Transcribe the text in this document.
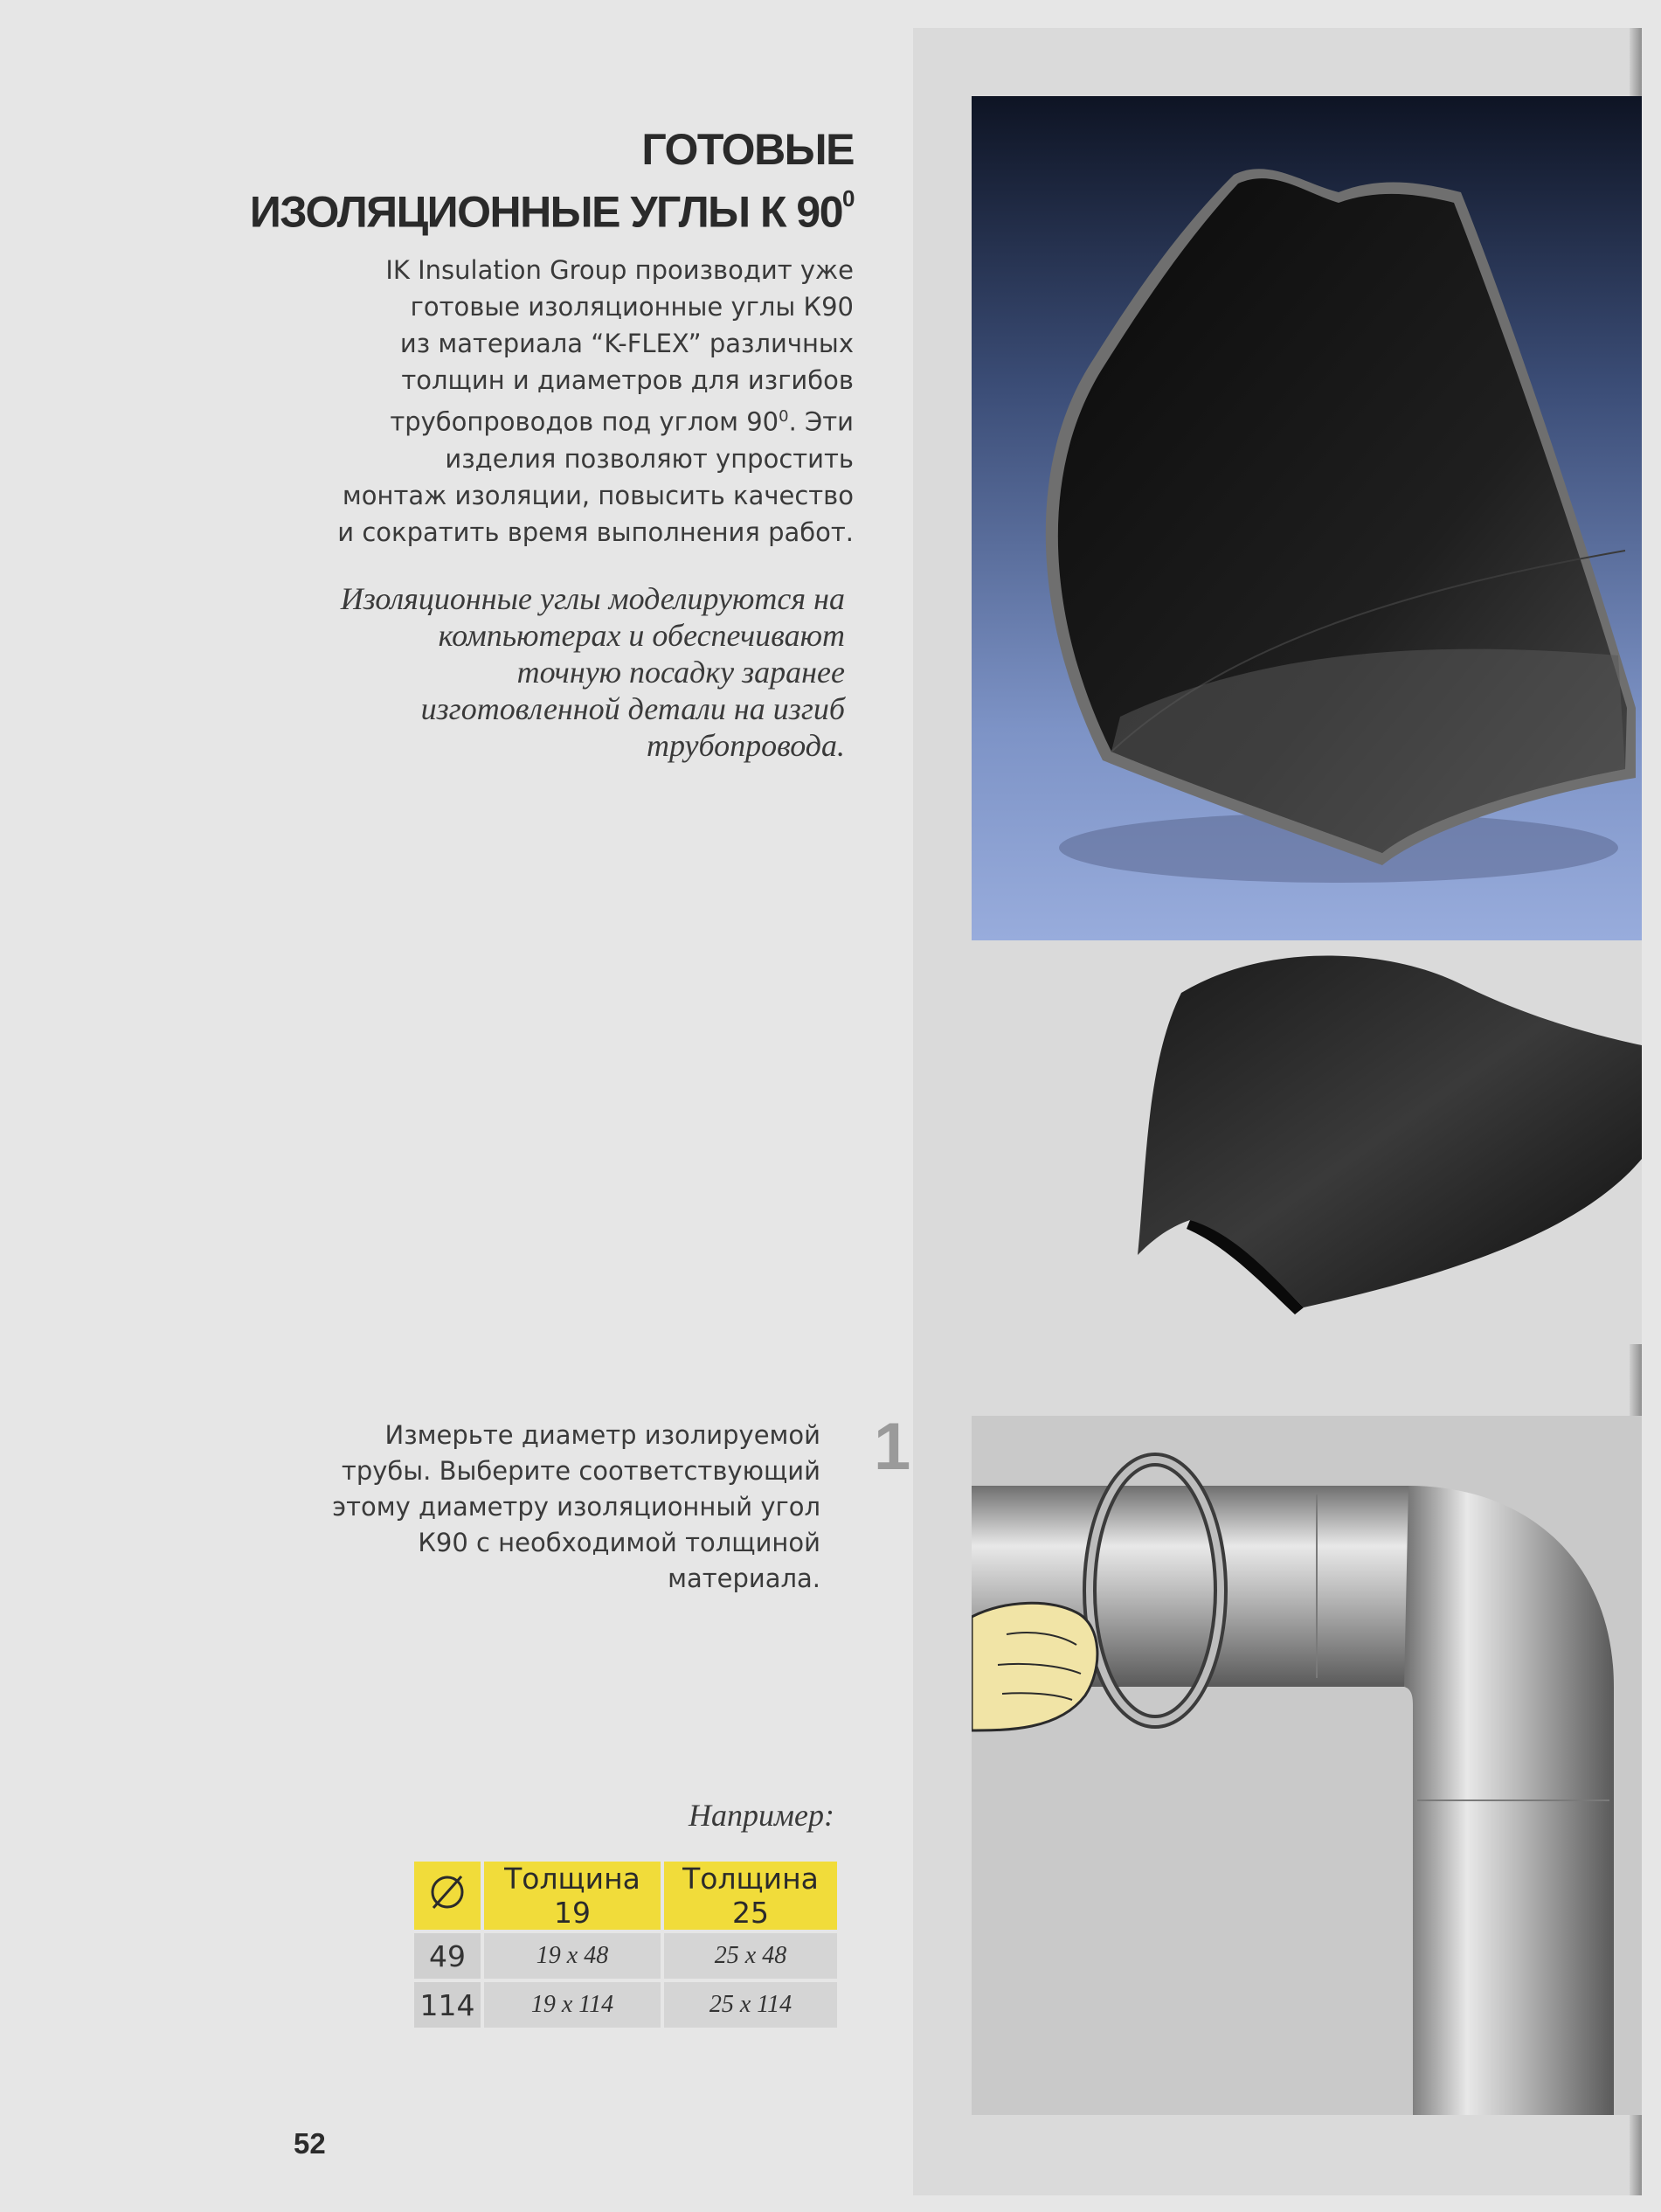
ГОТОВЫЕ
ИЗОЛЯЦИОННЫЕ УГЛЫ К $90^0$

IK Insulation Group производит уже
готовые изоляционные углы К90
из материала “K-FLEX” различных
толщин и диаметров для изгибов
трубопроводов под углом $90^0$. Эти
изделия позволяют упростить
монтаж изоляции, повысить качество
и сократить время выполнения работ.

Изоляционные углы моделируются на
компьютерах и обеспечивают
точную посадку заранее
изготовленной детали на изгиб
трубопровода.

Измерьте диаметр изолируемой
трубы. Выберите соответствующий
этому диаметру изоляционный угол
К90 с необходимой толщиной
материала.

1
Например:
	Толщина 19	Толщина 25
49	19 x 48	25 x 48
114	19 x 114	25 x 114
52
